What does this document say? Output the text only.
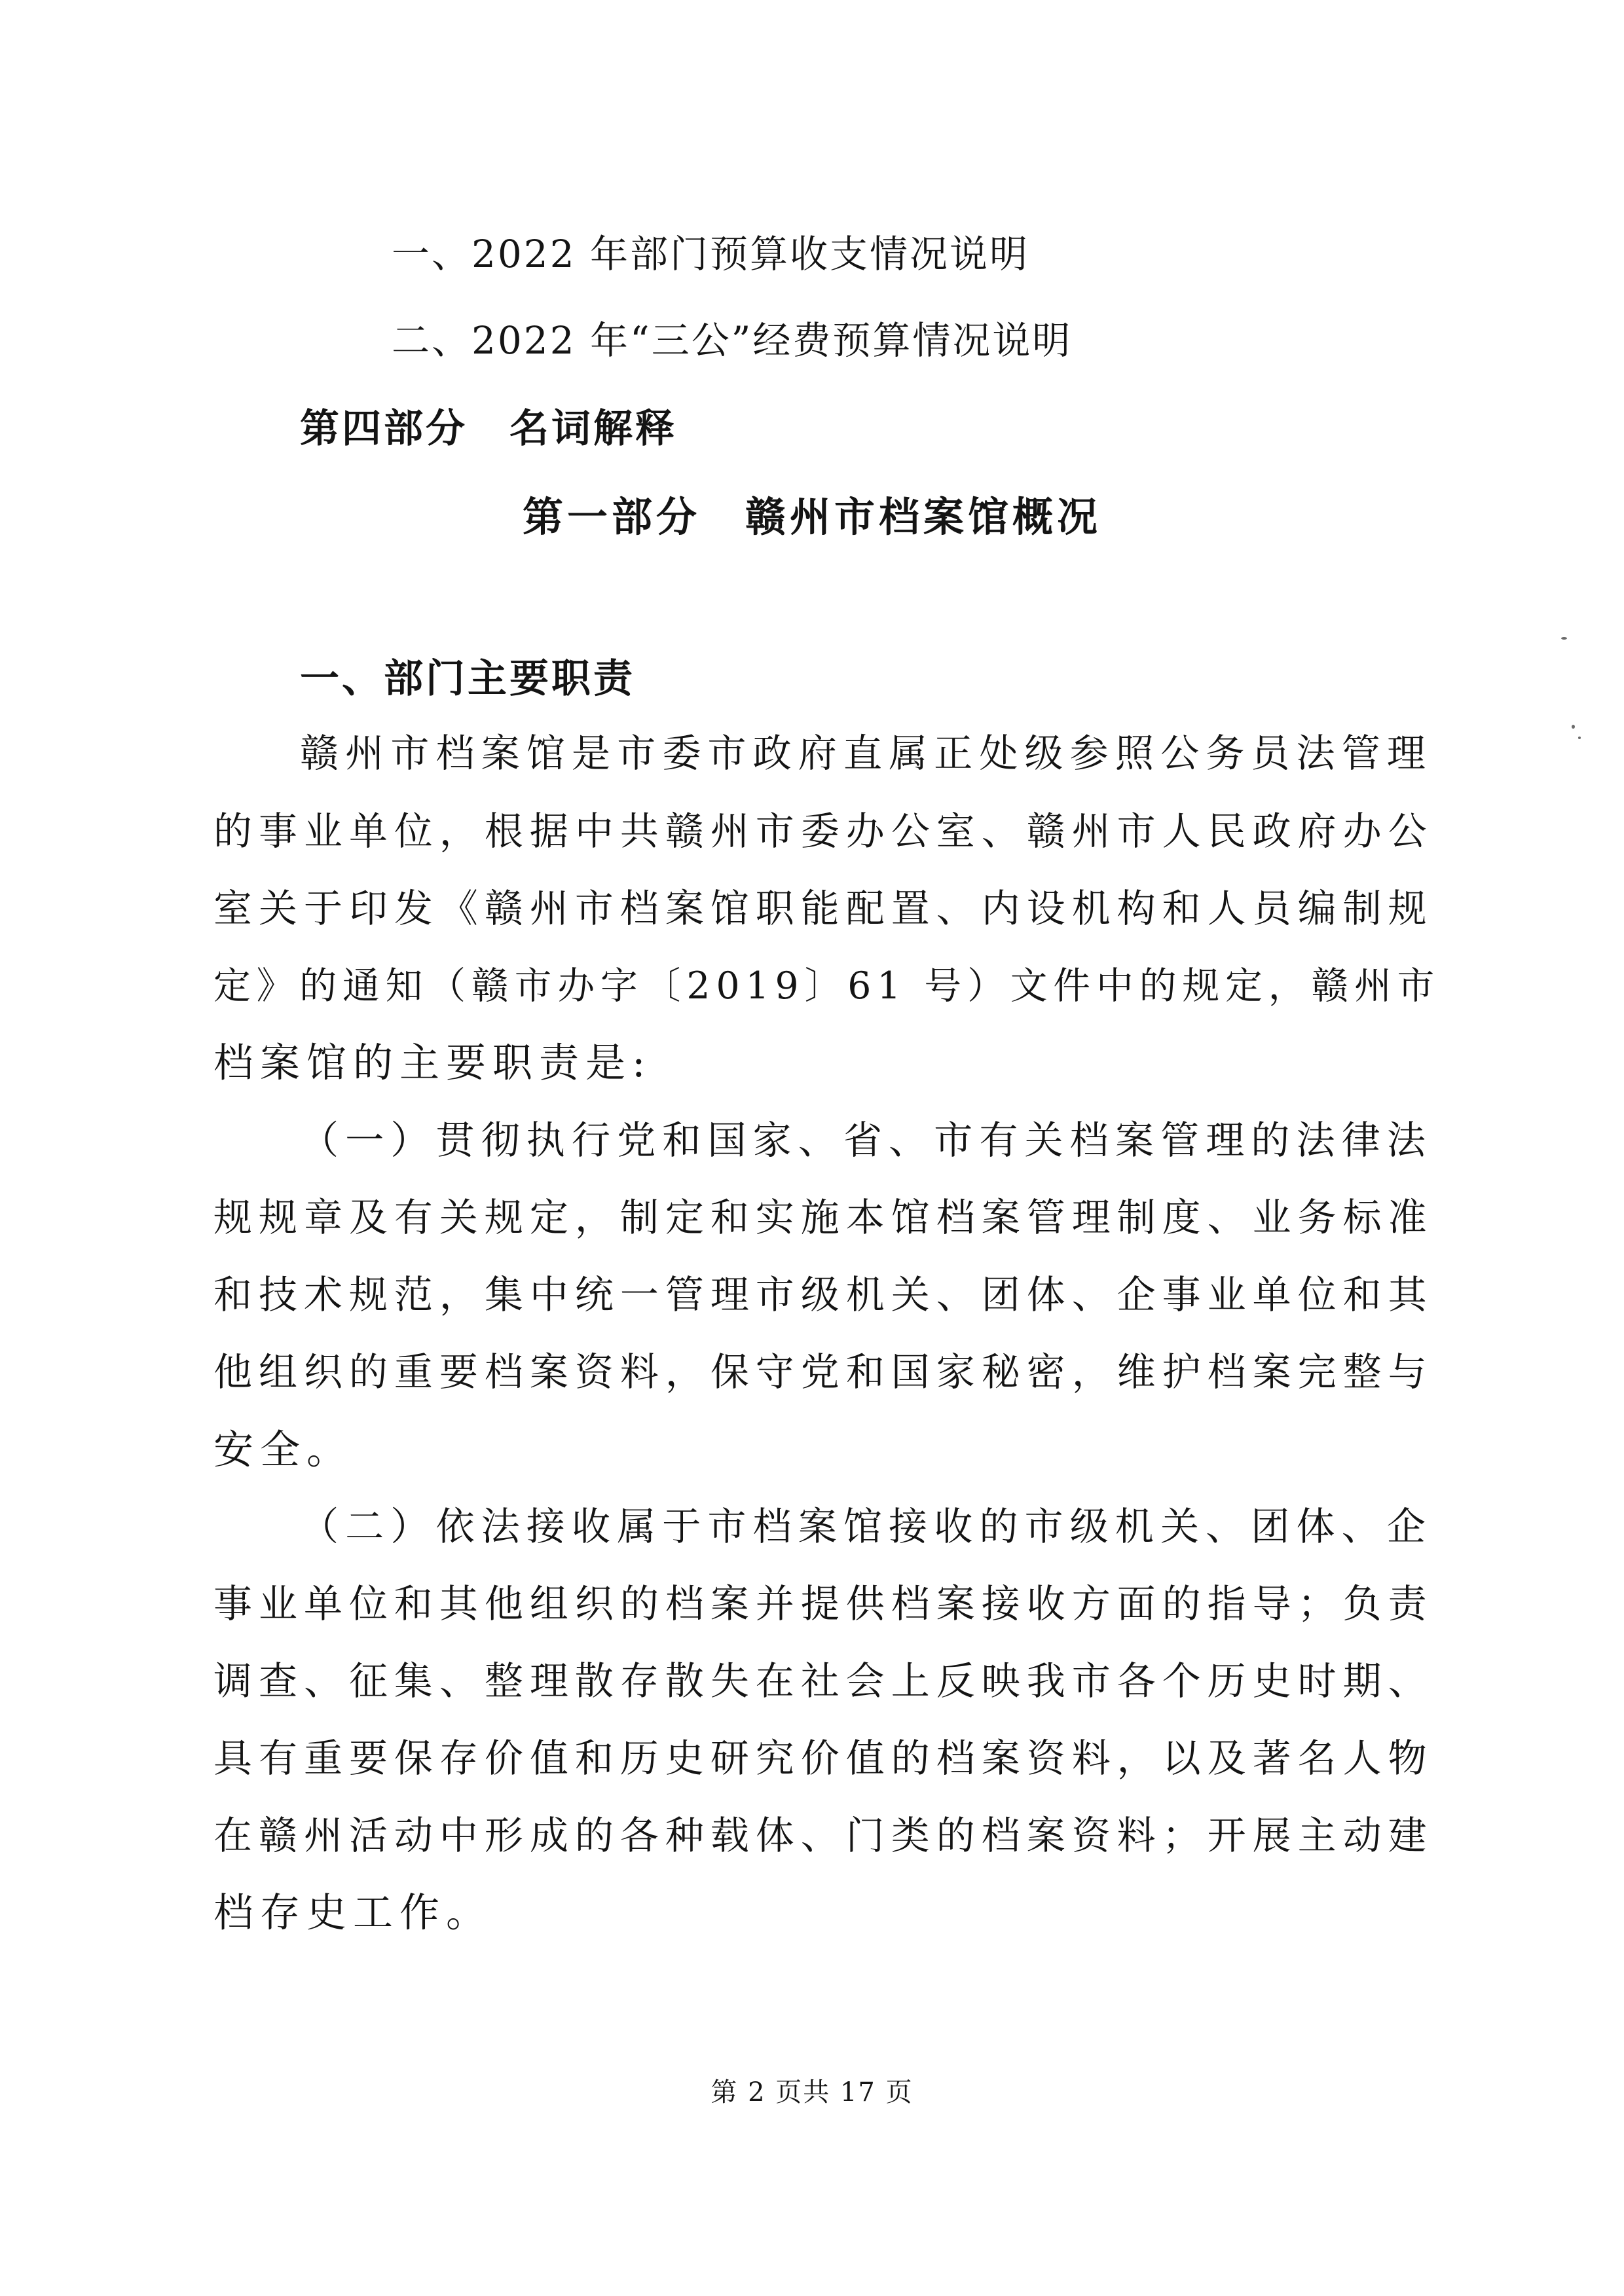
一、2022 年部门预算收支情况说明
二、2022 年“三公”经费预算情况说明
第四部分　名词解释
第一部分　赣州市档案馆概况
一、部门主要职责
赣州市档案馆是市委市政府直属正处级参照公务员法管理
的事业单位，根据中共赣州市委办公室、赣州市人民政府办公
室关于印发《赣州市档案馆职能配置、内设机构和人员编制规
定》的通知（赣市办字〔2019〕61 号）文件中的规定，赣州市
档案馆的主要职责是:
（一）贯彻执行党和国家、省、市有关档案管理的法律法
规规章及有关规定，制定和实施本馆档案管理制度、业务标准
和技术规范，集中统一管理市级机关、团体、企事业单位和其
他组织的重要档案资料，保守党和国家秘密，维护档案完整与
安全。
（二）依法接收属于市档案馆接收的市级机关、团体、企
事业单位和其他组织的档案并提供档案接收方面的指导；负责
调查、征集、整理散存散失在社会上反映我市各个历史时期、
具有重要保存价值和历史研究价值的档案资料，以及著名人物
在赣州活动中形成的各种载体、门类的档案资料；开展主动建
档存史工作。
第 2 页共 17 页
